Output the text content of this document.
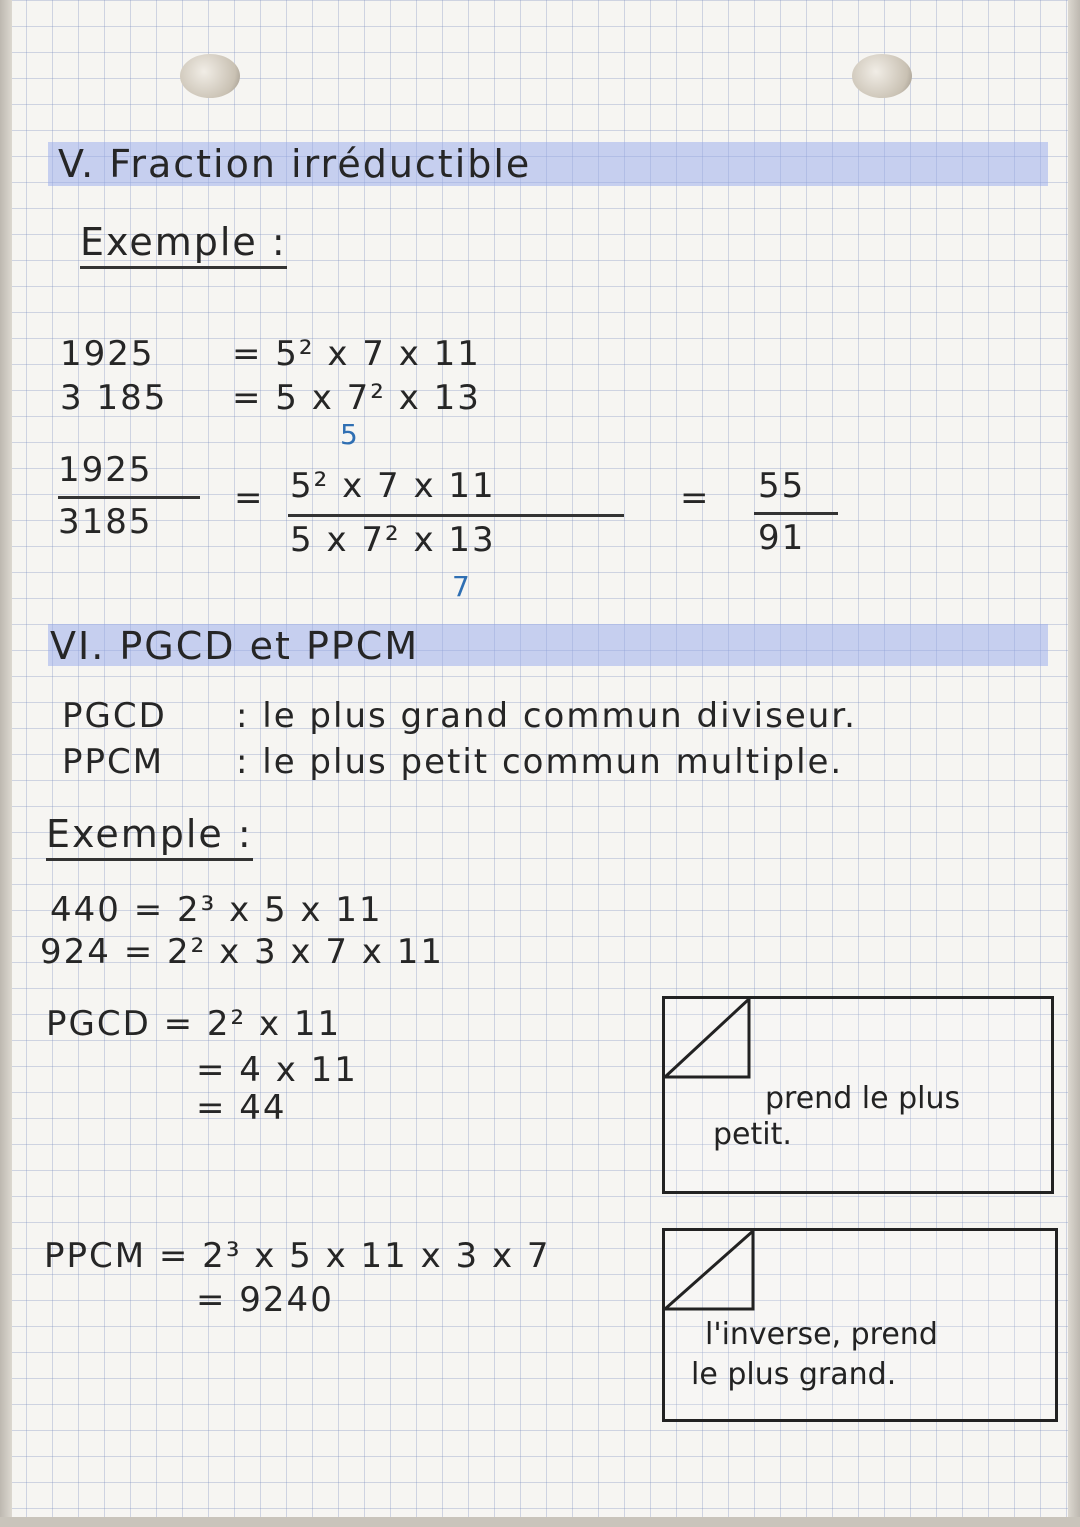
V. Fraction irréductible
Exemple :
1925 = 5² x 7 x 11
3 185 = 5 x 7² x 13
1925
3185
=
5
5² x 7 x 11
5 x 7² x 13
7
= 55
91
VI. PGCD et PPCM
PGCD : le plus grand commun diviseur.
PPCM : le plus petit commun multiple.
Exemple :
440 = 2³ x 5 x 11
924 = 2² x 3 x 7 x 11
PGCD = 2² x 11
= 4 x 11
= 44	prend le plus
petit.
PPCM = 2³ x 5 x 11 x 3 x 7
= 9240
l'inverse, prend
le plus grand.
